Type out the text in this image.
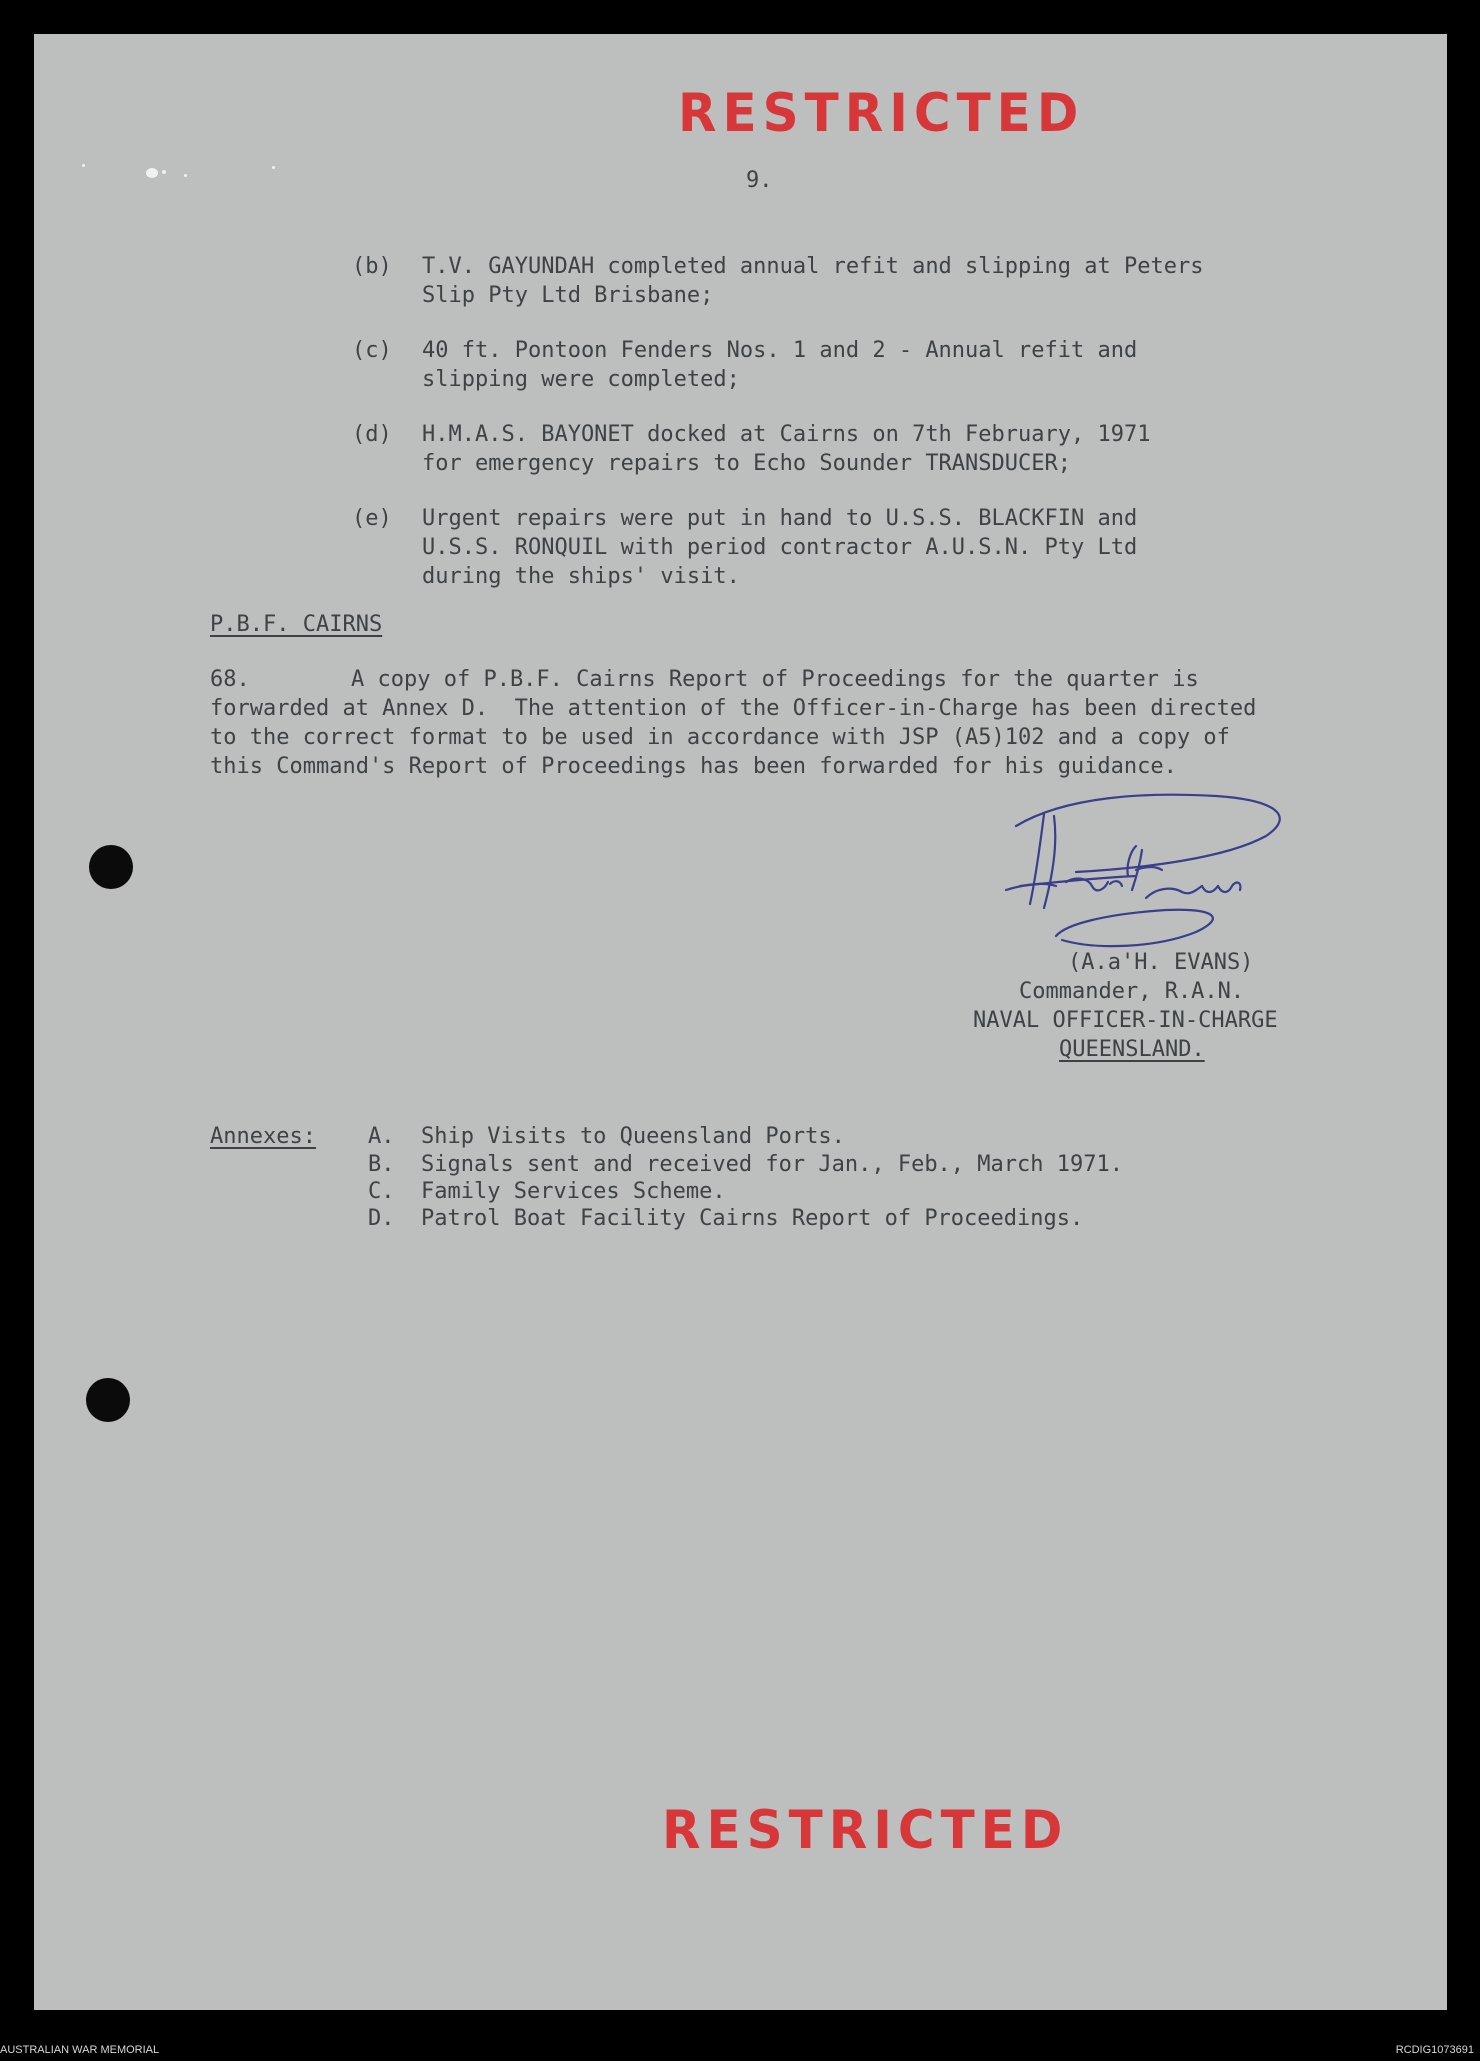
RESTRICTED
9.
(b) T.V. GAYUNDAH completed annual refit and slipping at Peters
Slip Pty Ltd Brisbane;
(c) 40 ft. Pontoon Fenders Nos. 1 and 2 - Annual refit and
slipping were completed;
(d) H.M.A.S. BAYONET docked at Cairns on 7th February, 1971
for emergency repairs to Echo Sounder TRANSDUCER;
(e) Urgent repairs were put in hand to U.S.S. BLACKFIN and
U.S.S. RONQUIL with period contractor A.U.S.N. Pty Ltd
during the ships' visit.
P.B.F. CAIRNS
68.	A copy of P.B.F. Cairns Report of Proceedings for the quarter is
forwarded at Annex D.  The attention of the Officer-in-Charge has been directed
to the correct format to be used in accordance with JSP (A5)102 and a copy of
this Command's Report of Proceedings has been forwarded for his guidance.
(A.a'H. EVANS)
Commander, R.A.N.
NAVAL OFFICER-IN-CHARGE
QUEENSLAND.
Annexes: A. Ship Visits to Queensland Ports.
B. Signals sent and received for Jan., Feb., March 1971.
C. Family Services Scheme.
D. Patrol Boat Facility Cairns Report of Proceedings.
RESTRICTED
AUSTRALIAN WAR MEMORIAL	RCDIG1073691
